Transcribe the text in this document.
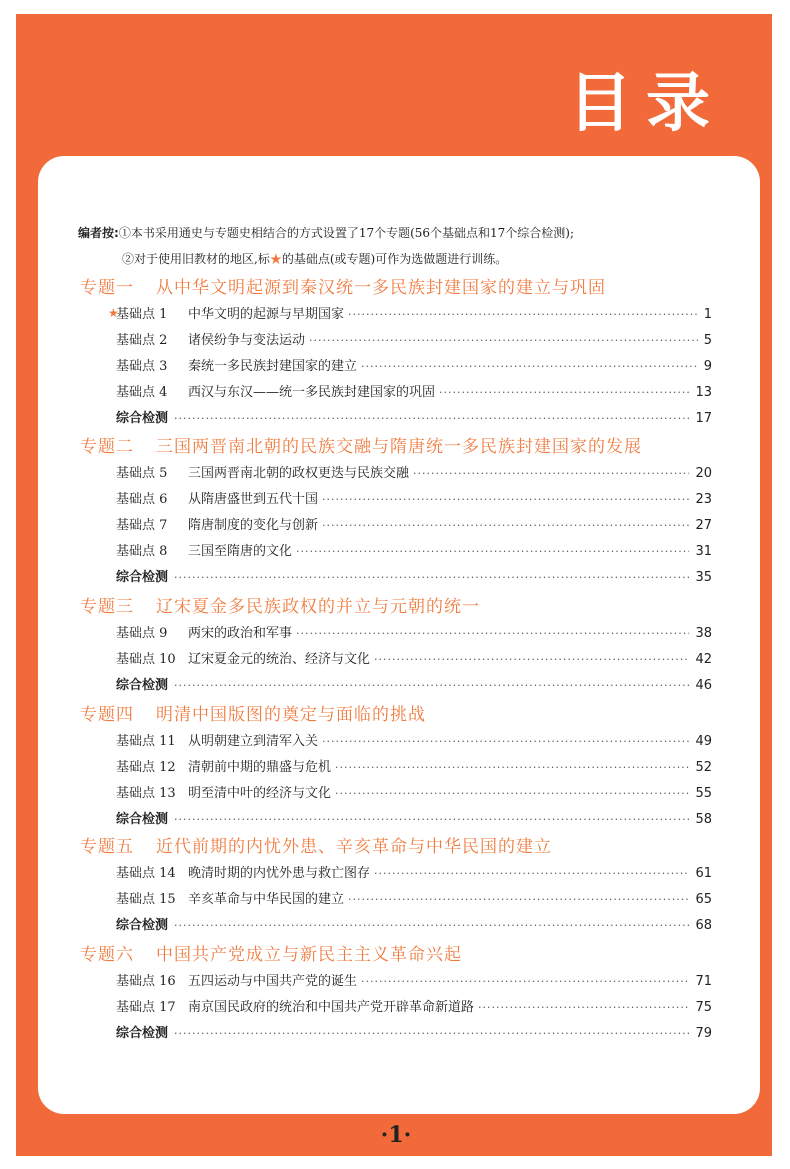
目录
·1·
编者按:①本书采用通史与专题史相结合的方式设置了17个专题(56个基础点和17个综合检测);
②对于使用旧教材的地区,标★的基础点(或专题)可作为选做题进行训练。
★
专题一 从中华文明起源到秦汉统一多民族封建国家的建立与巩固
基础点 1	中华文明的起源与早期国家 ·····	1
基础点 2	诸侯纷争与变法运动 ·····	5
基础点 3	秦统一多民族封建国家的建立 ·····	9
基础点 4	西汉与东汉——统一多民族封建国家的巩固 ·····	13
综合检测 ·····	17
专题二 三国两晋南北朝的民族交融与隋唐统一多民族封建国家的发展
基础点 5	三国两晋南北朝的政权更迭与民族交融 ·····	20
基础点 6	从隋唐盛世到五代十国 ·····	23
基础点 7	隋唐制度的变化与创新 ·····	27
基础点 8	三国至隋唐的文化 ·····	31
综合检测 ·····	35
专题三 辽宋夏金多民族政权的并立与元朝的统一
基础点 9	两宋的政治和军事 ·····	38
基础点 10 辽宋夏金元的统治、经济与文化 ·····	42
综合检测 ·····	46
专题四 明清中国版图的奠定与面临的挑战
基础点 11 从明朝建立到清军入关 ·····	49
基础点 12 清朝前中期的鼎盛与危机 ·····	52
基础点 13 明至清中叶的经济与文化 ·····	55
综合检测 ·····	58
专题五 近代前期的内忧外患、辛亥革命与中华民国的建立
基础点 14 晚清时期的内忧外患与救亡图存 ·····	61
基础点 15 辛亥革命与中华民国的建立 ·····	65
综合检测 ·····	68
专题六 中国共产党成立与新民主主义革命兴起
基础点 16 五四运动与中国共产党的诞生 ·····	71
基础点 17 南京国民政府的统治和中国共产党开辟革命新道路 ·····	75
综合检测 ·····	79
